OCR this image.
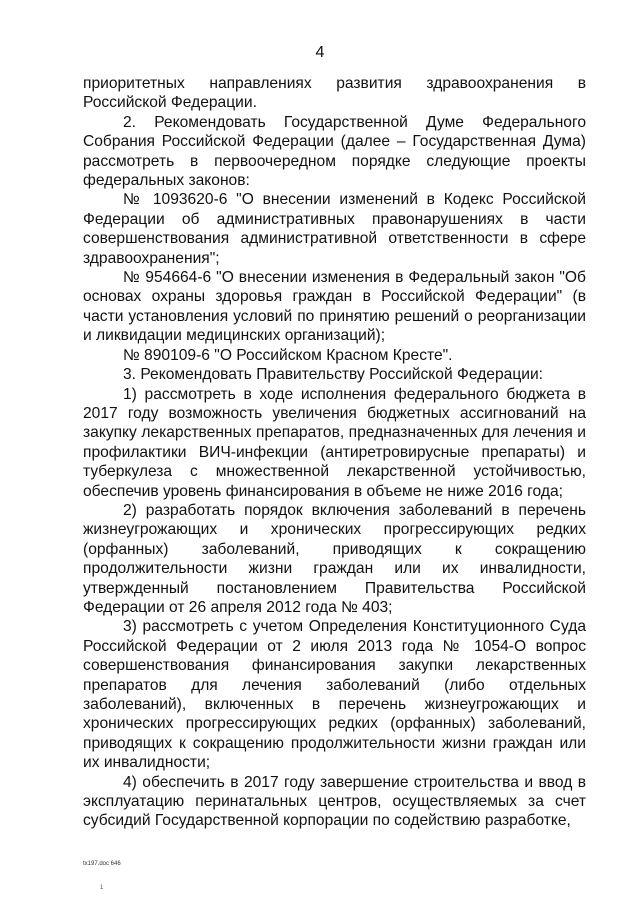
4

приоритетных направлениях развития здравоохранения в Российской Федерации.

2. Рекомендовать Государственной Думе Федерального Собрания Российской Федерации (далее – Государственная Дума) рассмотреть в первоочередном порядке следующие проекты федеральных законов:

№ 1093620-6 "О внесении изменений в Кодекс Российской Федерации об административных правонарушениях в части совершенствования административной ответственности в сфере здравоохранения";

№ 954664-6 "О внесении изменения в Федеральный закон "Об основах охраны здоровья граждан в Российской Федерации" (в части установления условий по принятию решений о реорганизации и ликвидации медицинских организаций);

№ 890109-6 "О Российском Красном Кресте".

3. Рекомендовать Правительству Российской Федерации:

1) рассмотреть в ходе исполнения федерального бюджета в 2017 году возможность увеличения бюджетных ассигнований на закупку лекарственных препаратов, предназначенных для лечения и профилактики ВИЧ-инфекции (антиретровирусные препараты) и туберкулеза с множественной лекарственной устойчивостью, обеспечив уровень финансирования в объеме не ниже 2016 года;

2) разработать порядок включения заболеваний в перечень жизнеугрожающих и хронических прогрессирующих редких (орфанных) заболеваний, приводящих к сокращению продолжительности жизни граждан или их инвалидности, утвержденный постановлением Правительства Российской Федерации от 26 апреля 2012 года № 403;

3) рассмотреть с учетом Определения Конституционного Суда Российской Федерации от 2 июля 2013 года № 1054-О вопрос совершенствования финансирования закупки лекарственных препаратов для лечения заболеваний (либо отдельных заболеваний), включенных в перечень жизнеугрожающих и хронических прогрессирующих редких (орфанных) заболеваний, приводящих к сокращению продолжительности жизни граждан или их инвалидности;

4) обеспечить в 2017 году завершение строительства и ввод в эксплуатацию перинатальных центров, осуществляемых за счет субсидий Государственной корпорации по содействию разработке,

tx197.doc 646
1
